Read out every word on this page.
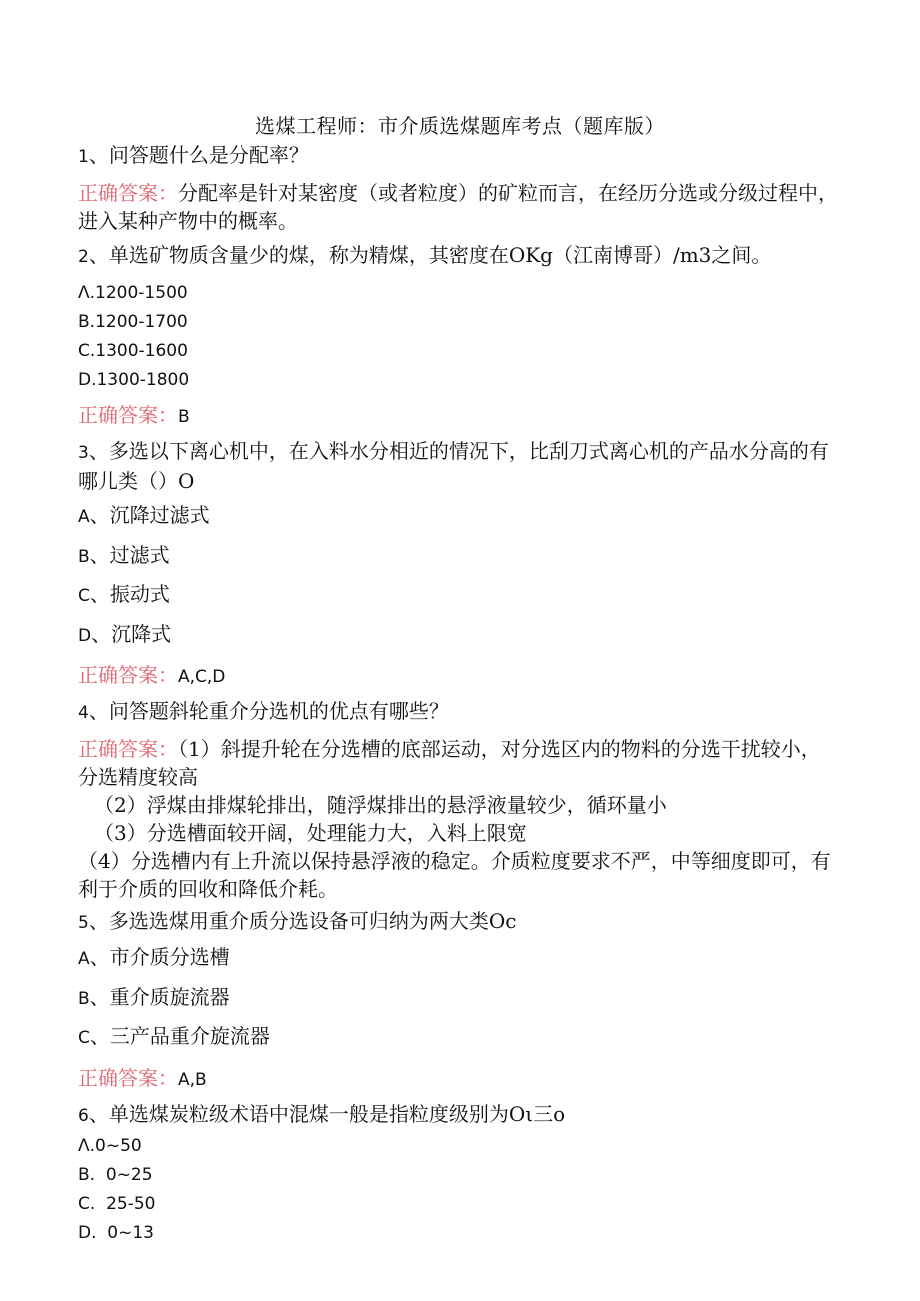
选煤工程师：市介质选煤题库考点（题库版）
1、问答题什么是分配率？
正确答案：分配率是针对某密度（或者粒度）的矿粒而言，在经历分选或分级过程中，进入某种产物中的概率。
2、单选矿物质含量少的煤，称为精煤，其密度在OKg（江南博哥）/m3之间。
Λ.1200-1500
B.1200-1700
C.1300-1600
D.1300-1800
正确答案：B
3、多选以下离心机中，在入料水分相近的情况下，比刮刀式离心机的产品水分高的有哪儿类（）O
A、沉降过滤式
B、过滤式
C、振动式
D、沉降式
正确答案：A,C,D
4、问答题斜轮重介分选机的优点有哪些？
正确答案：（1）斜提升轮在分选槽的底部运动，对分选区内的物料的分选干扰较小，分选精度较高
（2）浮煤由排煤轮排出，随浮煤排出的悬浮液量较少，循环量小
（3）分选槽面较开阔，处理能力大，入料上限宽
（4）分选槽内有上升流以保持悬浮液的稳定。介质粒度要求不严，中等细度即可，有利于介质的回收和降低介耗。
5、多选选煤用重介质分选设备可归纳为两大类Oc
A、市介质分选槽
B、重介质旋流器
C、三产品重介旋流器
正确答案：A,B
6、单选煤炭粒级术语中混煤一般是指粒度级别为Oι三o
Λ.0~50
B.  0~25
C.  25-50
D.  0~13
